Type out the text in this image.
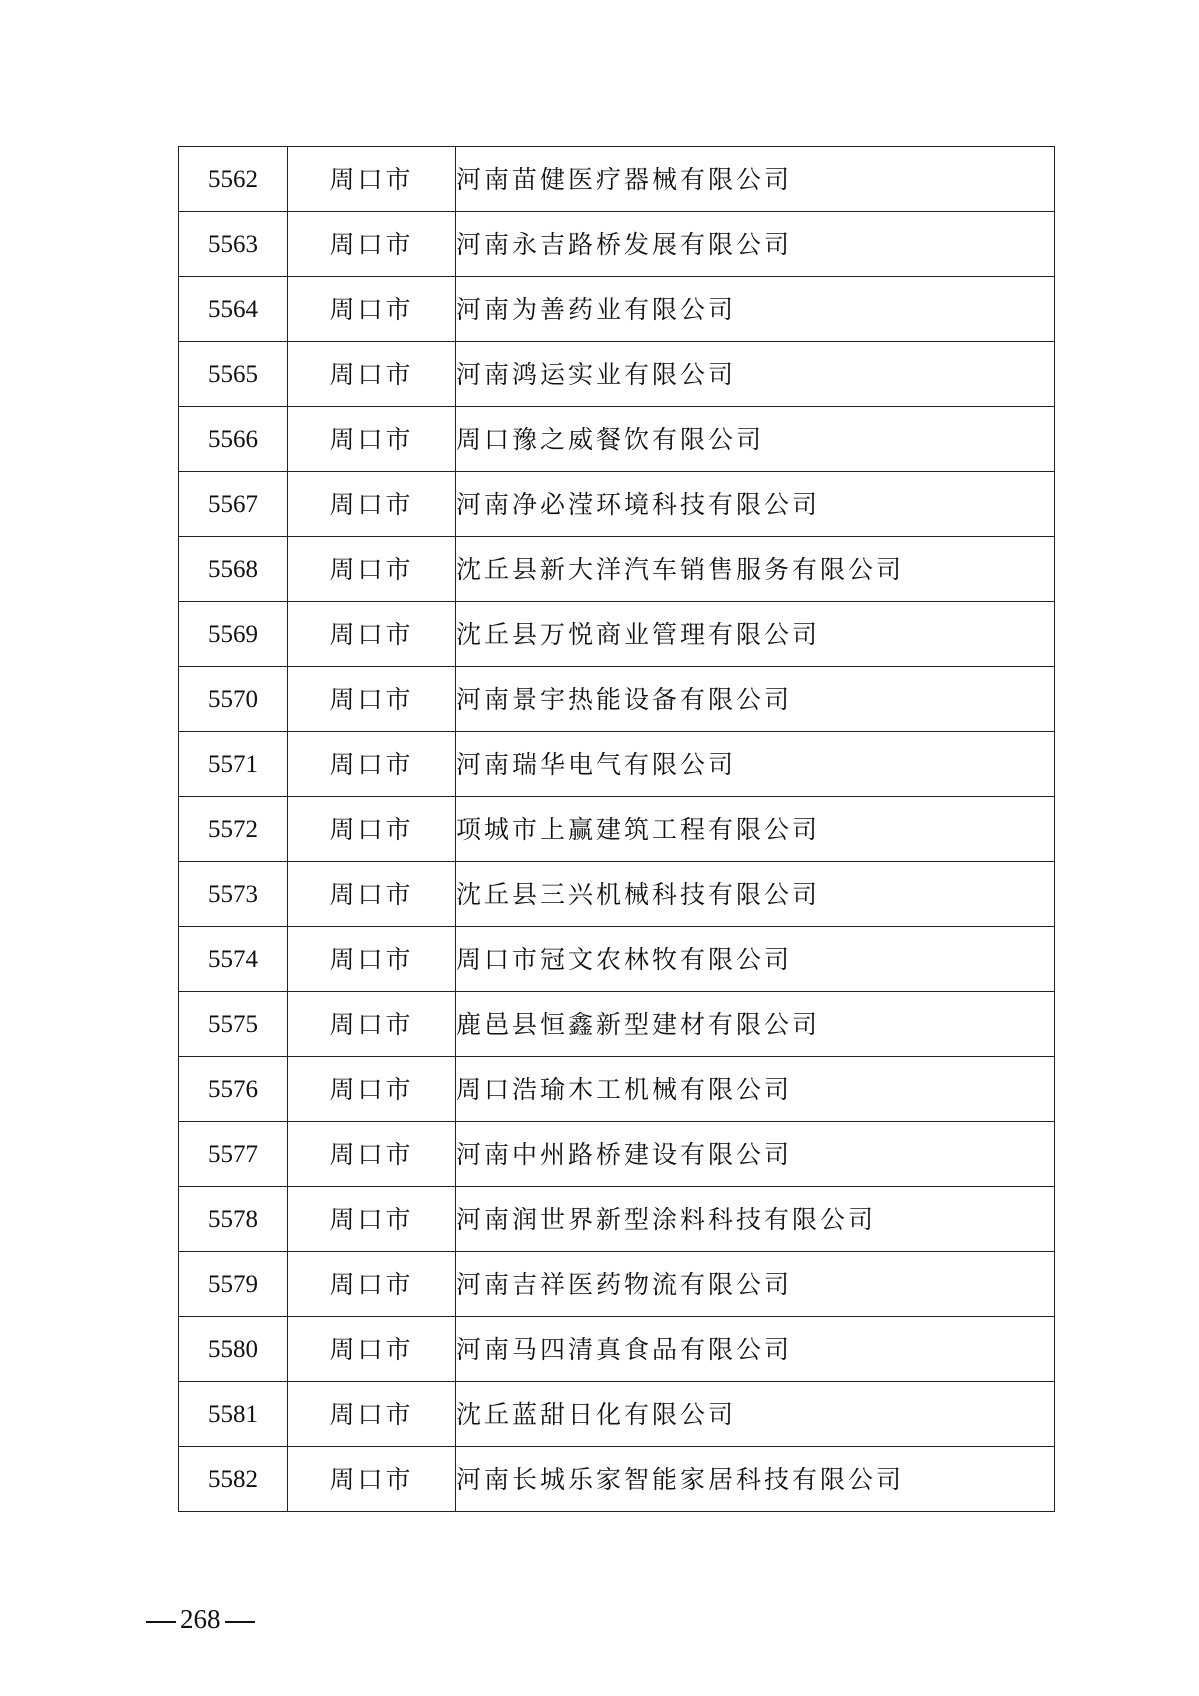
5562	周口市	河南苗健医疗器械有限公司
5563	周口市	河南永吉路桥发展有限公司
5564	周口市	河南为善药业有限公司
5565	周口市	河南鸿运实业有限公司
5566	周口市	周口豫之威餐饮有限公司
5567	周口市	河南净必滢环境科技有限公司
5568	周口市	沈丘县新大洋汽车销售服务有限公司
5569	周口市	沈丘县万悦商业管理有限公司
5570	周口市	河南景宇热能设备有限公司
5571	周口市	河南瑞华电气有限公司
5572	周口市	项城市上赢建筑工程有限公司
5573	周口市	沈丘县三兴机械科技有限公司
5574	周口市	周口市冠文农林牧有限公司
5575	周口市	鹿邑县恒鑫新型建材有限公司
5576	周口市	周口浩瑜木工机械有限公司
5577	周口市	河南中州路桥建设有限公司
5578	周口市	河南润世界新型涂料科技有限公司
5579	周口市	河南吉祥医药物流有限公司
5580	周口市	河南马四清真食品有限公司
5581	周口市	沈丘蓝甜日化有限公司
5582	周口市	河南长城乐家智能家居科技有限公司
268
